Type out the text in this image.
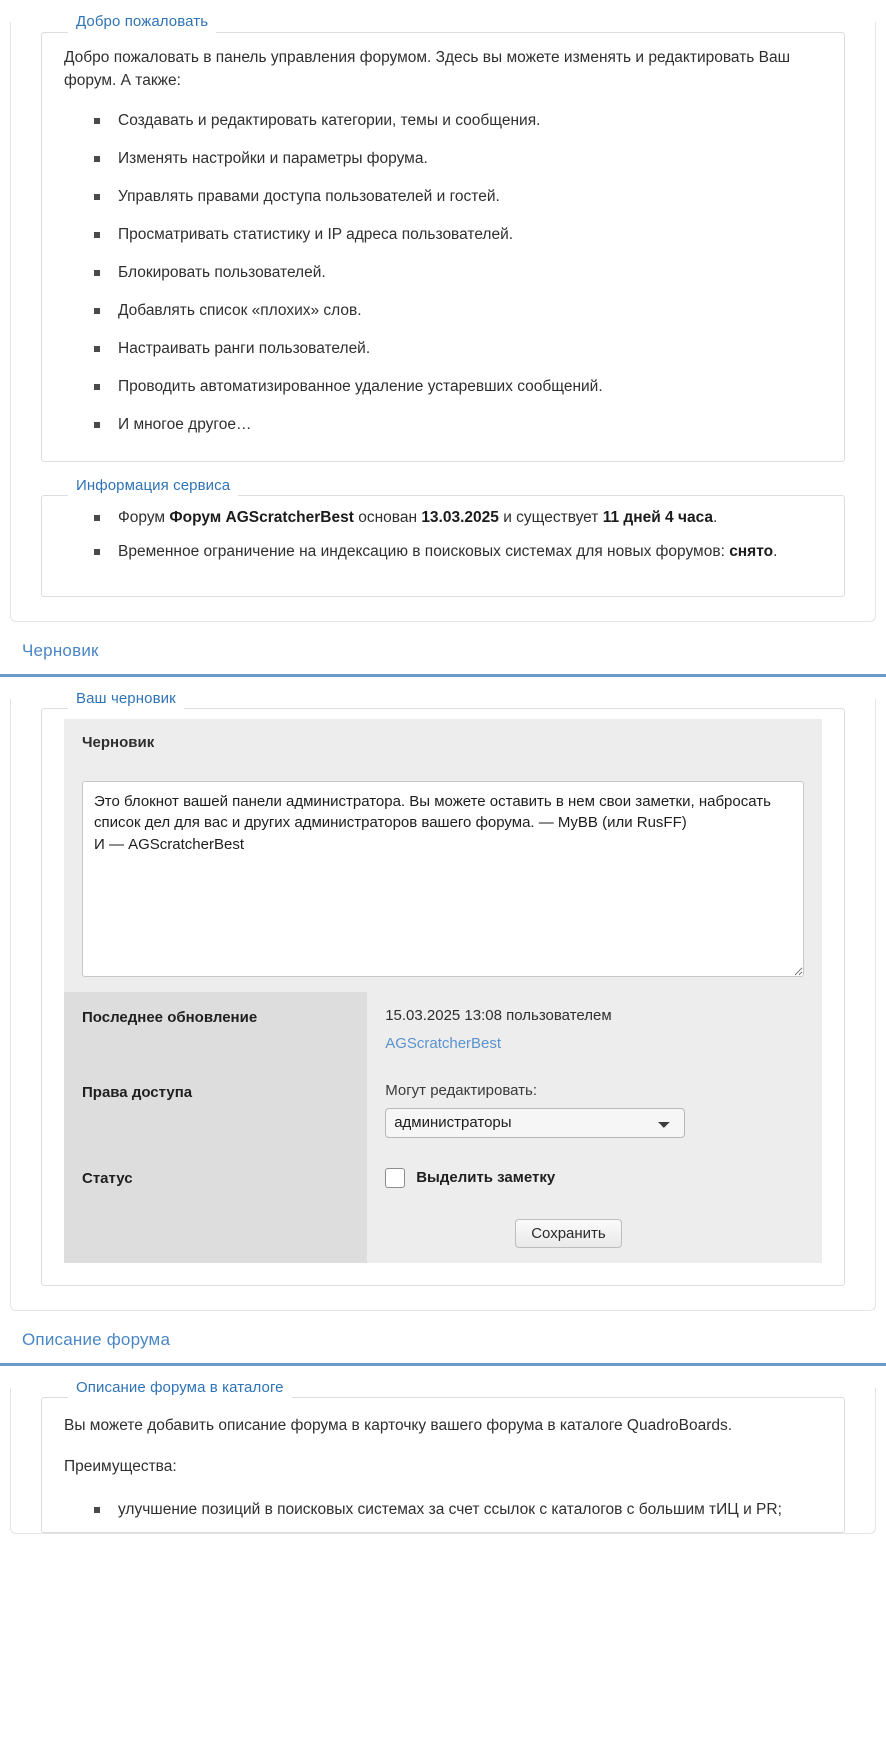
Добро пожаловать

Добро пожаловать в панель управления форумом. Здесь вы можете изменять и редактировать Ваш форум. А также:

Создавать и редактировать категории, темы и сообщения.
Изменять настройки и параметры форума.
Управлять правами доступа пользователей и гостей.
Просматривать статистику и IP адреса пользователей.
Блокировать пользователей.
Добавлять список «плохих» слов.
Настраивать ранги пользователей.
Проводить автоматизированное удаление устаревших сообщений.
И многое другое…
Информация сервиса
Форум Форум AGScratcherBest основан 13.03.2025 и существует 11 дней 4 часа.
Временное ограничение на индексацию в поисковых системах для новых форумов: снято.
Черновик
Ваш черновик
Черновик	

Это блокнот вашей панели администратора. Вы можете оставить в нем свои заметки, набросать список дел для вас и других администраторов вашего форума. — MyBB (или RusFF) И — AGScratcherBest
Последнее обновление	15.03.2025 13:08 пользователем
AGScratcherBest
Права доступа	Могут редактировать:
администраторы
Статус	Выделить заметку

	Сохранить
Описание форума
Описание форума в каталоге

Вы можете добавить описание форума в карточку вашего форума в каталоге QuadroBoards.

Преимущества:

улучшение позиций в поисковых системах за счет ссылок с каталогов с большим тИЦ и PR;
